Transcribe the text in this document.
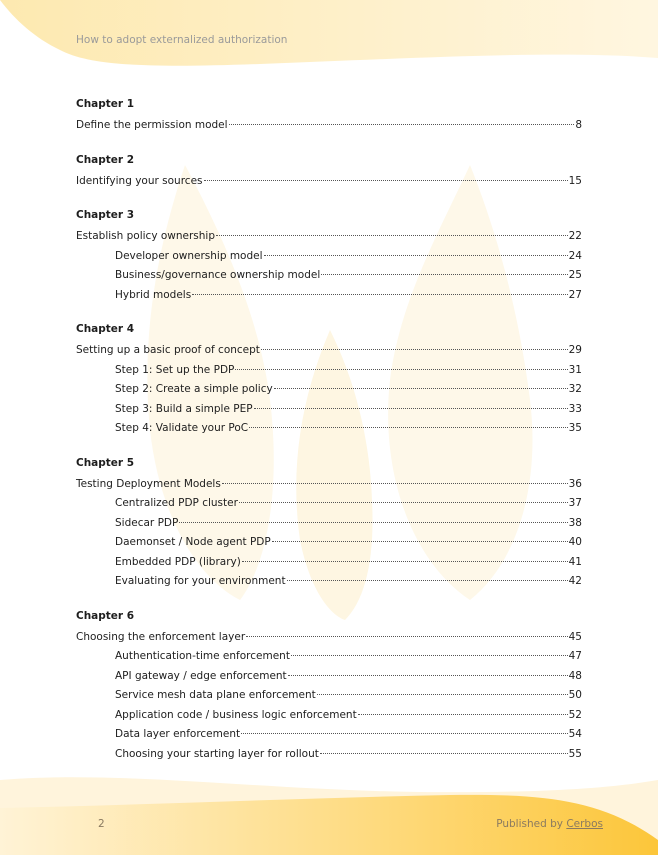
How to adopt externalized authorization
Chapter 1
Define the permission model	8
Chapter 2
Identifying your sources	15
Chapter 3
Establish policy ownership	22
Developer ownership model	24
Business/governance ownership model	25
Hybrid models	27
Chapter 4
Setting up a basic proof of concept	29
Step 1: Set up the PDP	31
Step 2: Create a simple policy	32
Step 3: Build a simple PEP	33
Step 4: Validate your PoC	35
Chapter 5
Testing Deployment Models	36
Centralized PDP cluster	37
Sidecar PDP	38
Daemonset / Node agent PDP	40
Embedded PDP (library)	41
Evaluating for your environment	42
Chapter 6
Choosing the enforcement layer	45
Authentication-time enforcement	47
API gateway / edge enforcement	48
Service mesh data plane enforcement	50
Application code / business logic enforcement	52
Data layer enforcement	54
Choosing your starting layer for rollout	55
2	Published by Cerbos
